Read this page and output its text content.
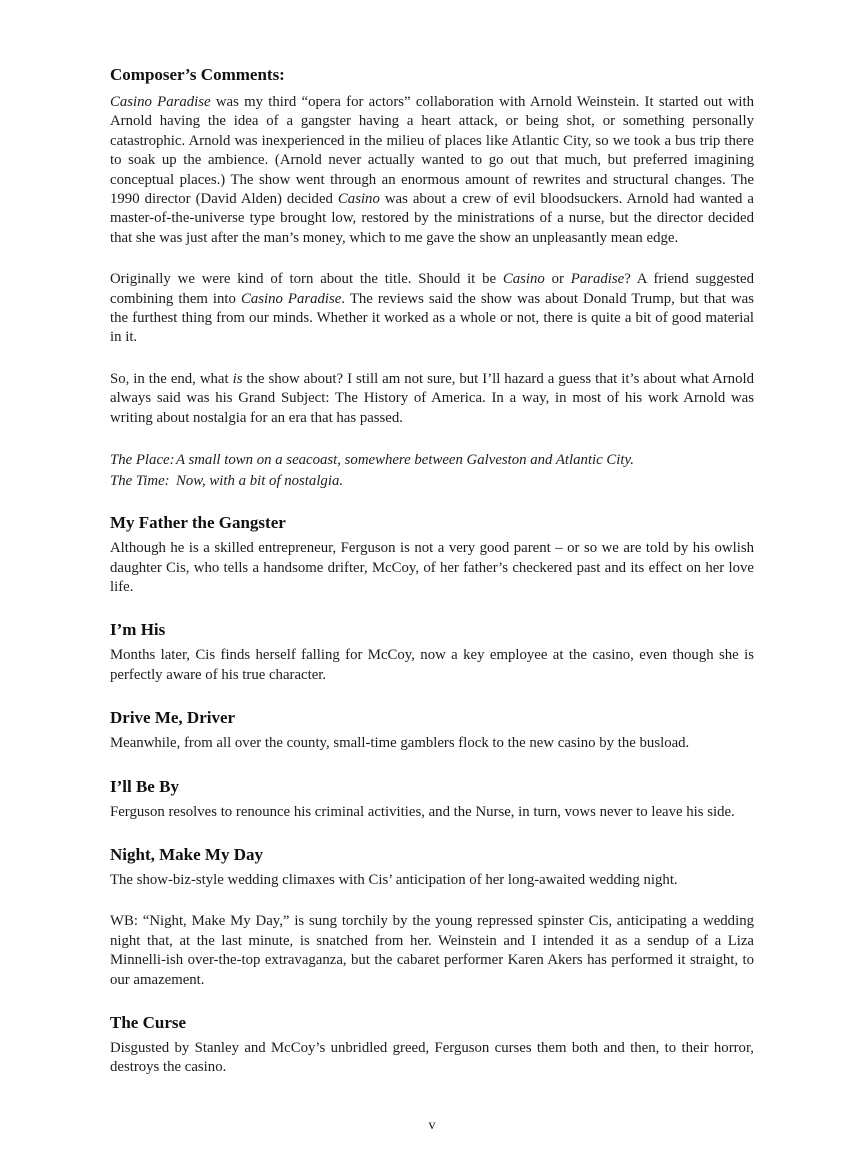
Composer’s Comments:

Casino Paradise was my third “opera for actors” collaboration with Arnold Weinstein. It started out with Arnold having the idea of a gangster having a heart attack, or being shot, or something personally catastrophic. Arnold was inexperienced in the milieu of places like Atlantic City, so we took a bus trip there to soak up the ambience. (Arnold never actually wanted to go out that much, but preferred imagining conceptual places.) The show went through an enormous amount of rewrites and structural changes. The 1990 director (David Alden) decided Casino was about a crew of evil bloodsuckers. Arnold had wanted a master-of-the-universe type brought low, restored by the ministrations of a nurse, but the director decided that she was just after the man’s money, which to me gave the show an unpleasantly mean edge.

Originally we were kind of torn about the title. Should it be Casino or Paradise? A friend suggested combining them into Casino Paradise. The reviews said the show was about Donald Trump, but that was the furthest thing from our minds. Whether it worked as a whole or not, there is quite a bit of good material in it.

So, in the end, what is the show about? I still am not sure, but I’ll hazard a guess that it’s about what Arnold always said was his Grand Subject: The History of America. In a way, in most of his work Arnold was writing about nostalgia for an era that has passed.

The Place: A small town on a seacoast, somewhere between Galveston and Atlantic City.
The Time: Now, with a bit of nostalgia.
My Father the Gangster

Although he is a skilled entrepreneur, Ferguson is not a very good parent – or so we are told by his owlish daughter Cis, who tells a handsome drifter, McCoy, of her father’s checkered past and its effect on her love life.

I’m His

Months later, Cis finds herself falling for McCoy, now a key employee at the casino, even though she is perfectly aware of his true character.

Drive Me, Driver

Meanwhile, from all over the county, small-time gamblers flock to the new casino by the busload.

I’ll Be By

Ferguson resolves to renounce his criminal activities, and the Nurse, in turn, vows never to leave his side.

Night, Make My Day

The show-biz-style wedding climaxes with Cis’ anticipation of her long-awaited wedding night.

WB: “Night, Make My Day,” is sung torchily by the young repressed spinster Cis, anticipating a wedding night that, at the last minute, is snatched from her. Weinstein and I intended it as a sendup of a Liza Minnelli-ish over-the-top extravaganza, but the cabaret performer Karen Akers has performed it straight, to our amazement.

The Curse

Disgusted by Stanley and McCoy’s unbridled greed, Ferguson curses them both and then, to their horror, destroys the casino.

v
